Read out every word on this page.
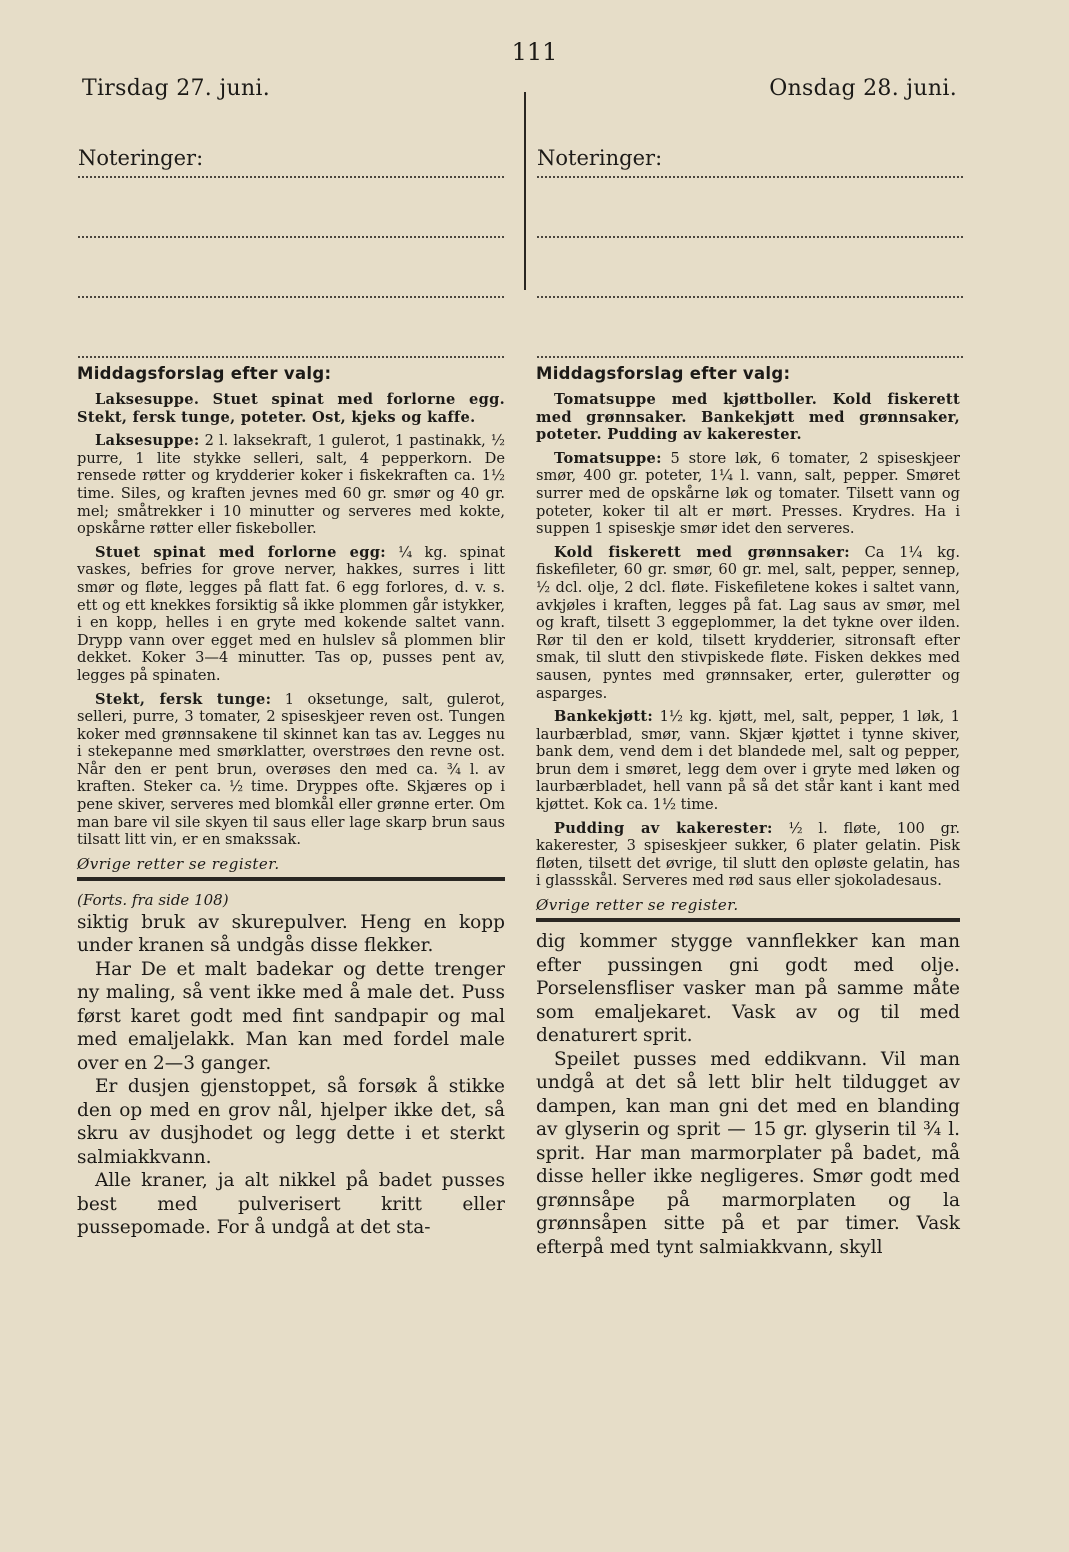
111
Tirsdag 27. juni.	Onsdag 28. juni.
Noteringer:	Noteringer:
Middagsforslag efter valg:

Laksesuppe. Stuet spinat med forlorne egg. Stekt, fersk tunge, poteter. Ost, kjeks og kaffe.

Laksesuppe: 2 l. laksekraft, 1 gulerot, 1 pastinakk, ½ purre, 1 lite stykke selleri, salt, 4 pepperkorn. De rensede røtter og krydderier koker i fiskekraften ca. 1½ time. Siles, og kraften jevnes med 60 gr. smør og 40 gr. mel; småtrekker i 10 minutter og serveres med kokte, opskårne røtter eller fiskeboller.

Stuet spinat med forlorne egg: ¼ kg. spinat vaskes, befries for grove nerver, hakkes, surres i litt smør og fløte, legges på flatt fat. 6 egg forlores, d. v. s. ett og ett knekkes forsiktig så ikke plommen går istykker, i en kopp, helles i en gryte med kokende saltet vann. Drypp vann over egget med en hulslev så plommen blir dekket. Koker 3—4 minutter. Tas op, pusses pent av, legges på spinaten.

Stekt, fersk tunge: 1 oksetunge, salt, gulerot, selleri, purre, 3 tomater, 2 spiseskjeer reven ost. Tungen koker med grønnsakene til skinnet kan tas av. Legges nu i stekepanne med smørklatter, overstrøes den revne ost. Når den er pent brun, overøses den med ca. ¾ l. av kraften. Steker ca. ½ time. Dryppes ofte. Skjæres op i pene skiver, serveres med blomkål eller grønne erter. Om man bare vil sile skyen til saus eller lage skarp brun saus tilsatt litt vin, er en smakssak.

Øvrige retter se register.
(Forts. fra side 108)

siktig bruk av skurepulver. Heng en kopp under kranen så undgås disse flekker.

Har De et malt badekar og dette trenger ny maling, så vent ikke med å male det. Puss først karet godt med fint sandpapir og mal med emaljelakk. Man kan med fordel male over en 2—3 ganger.

Er dusjen gjenstoppet, så forsøk å stikke den op med en grov nål, hjelper ikke det, så skru av dusjhodet og legg dette i et sterkt salmiakkvann.

Alle kraner, ja alt nikkel på badet pusses best med pulverisert kritt eller pussepomade. For å undgå at det sta-

Middagsforslag efter valg:

Tomatsuppe med kjøttboller. Kold fiskerett med grønnsaker. Bankekjøtt med grønnsaker, poteter. Pudding av kakerester.

Tomatsuppe: 5 store løk, 6 tomater, 2 spiseskjeer smør, 400 gr. poteter, 1¼ l. vann, salt, pepper. Smøret surrer med de opskårne løk og tomater. Tilsett vann og poteter, koker til alt er mørt. Presses. Krydres. Ha i suppen 1 spiseskje smør idet den serveres.

Kold fiskerett med grønnsaker: Ca 1¼ kg. fiskefileter, 60 gr. smør, 60 gr. mel, salt, pepper, sennep, ½ dcl. olje, 2 dcl. fløte. Fiskefiletene kokes i saltet vann, avkjøles i kraften, legges på fat. Lag saus av smør, mel og kraft, tilsett 3 eggeplommer, la det tykne over ilden. Rør til den er kold, tilsett krydderier, sitronsaft efter smak, til slutt den stivpiskede fløte. Fisken dekkes med sausen, pyntes med grønnsaker, erter, gulerøtter og asparges.

Bankekjøtt: 1½ kg. kjøtt, mel, salt, pepper, 1 løk, 1 laurbærblad, smør, vann. Skjær kjøttet i tynne skiver, bank dem, vend dem i det blandede mel, salt og pepper, brun dem i smøret, legg dem over i gryte med løken og laurbærbladet, hell vann på så det står kant i kant med kjøttet. Kok ca. 1½ time.

Pudding av kakerester: ½ l. fløte, 100 gr. kakerester, 3 spiseskjeer sukker, 6 plater gelatin. Pisk fløten, tilsett det øvrige, til slutt den opløste gelatin, has i glassskål. Serveres med rød saus eller sjokoladesaus.

Øvrige retter se register.

dig kommer stygge vannflekker kan man efter pussingen gni godt med olje. Porselensfliser vasker man på samme måte som emaljekaret. Vask av og til med denaturert sprit.

Speilet pusses med eddikvann. Vil man undgå at det så lett blir helt tildugget av dampen, kan man gni det med en blanding av glyserin og sprit — 15 gr. glyserin til ¾ l. sprit. Har man marmorplater på badet, må disse heller ikke negligeres. Smør godt med grønnsåpe på marmorplaten og la grønnsåpen sitte på et par timer. Vask efterpå med tynt salmiakkvann, skyll
